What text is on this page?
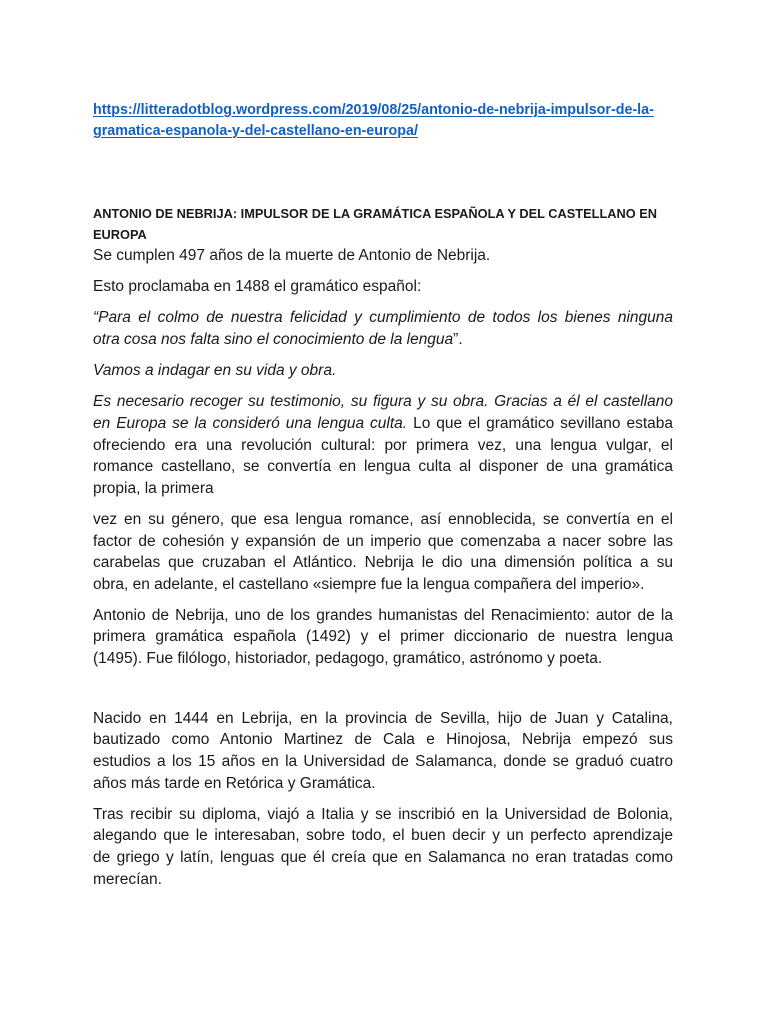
https://litteradotblog.wordpress.com/2019/08/25/antonio-de-nebrija-impulsor-de-la-
gramatica-espanola-y-del-castellano-en-europa/
ANTONIO DE NEBRIJA: IMPULSOR DE LA GRAMÁTICA ESPAÑOLA Y DEL CASTELLANO EN
EUROPA
Se cumplen 497 años de la muerte de Antonio de Nebrija.
Esto proclamaba en 1488 el gramático español:
“Para el colmo de nuestra felicidad y cumplimiento de todos los bienes ninguna
otra cosa nos falta sino el conocimiento de la lengua”.
Vamos a indagar en su vida y obra.
Es necesario recoger su testimonio, su figura y su obra. Gracias a él el castellano
en Europa se la consideró una lengua culta. Lo que el gramático sevillano estaba
ofreciendo era una revolución cultural: por primera vez, una lengua vulgar, el
romance castellano, se convertía en lengua culta al disponer de una gramática
propia, la primera
vez en su género, que esa lengua romance, así ennoblecida, se convertía en el
factor de cohesión y expansión de un imperio que comenzaba a nacer sobre las
carabelas que cruzaban el Atlántico. Nebrija le dio una dimensión política a su
obra, en adelante, el castellano «siempre fue la lengua compañera del imperio».
Antonio de Nebrija, uno de los grandes humanistas del Renacimiento: autor de la
primera gramática española (1492) y el primer diccionario de nuestra lengua
(1495). Fue filólogo, historiador, pedagogo, gramático, astrónomo y poeta.
Nacido en 1444 en Lebrija, en la provincia de Sevilla, hijo de Juan y Catalina,
bautizado como Antonio Martinez de Cala e Hinojosa, Nebrija empezó sus
estudios a los 15 años en la Universidad de Salamanca, donde se graduó cuatro
años más tarde en Retórica y Gramática.
Tras recibir su diploma, viajó a Italia y se inscribió en la Universidad de Bolonia,
alegando que le interesaban, sobre todo, el buen decir y un perfecto aprendizaje
de griego y latín, lenguas que él creía que en Salamanca no eran tratadas como
merecían.
